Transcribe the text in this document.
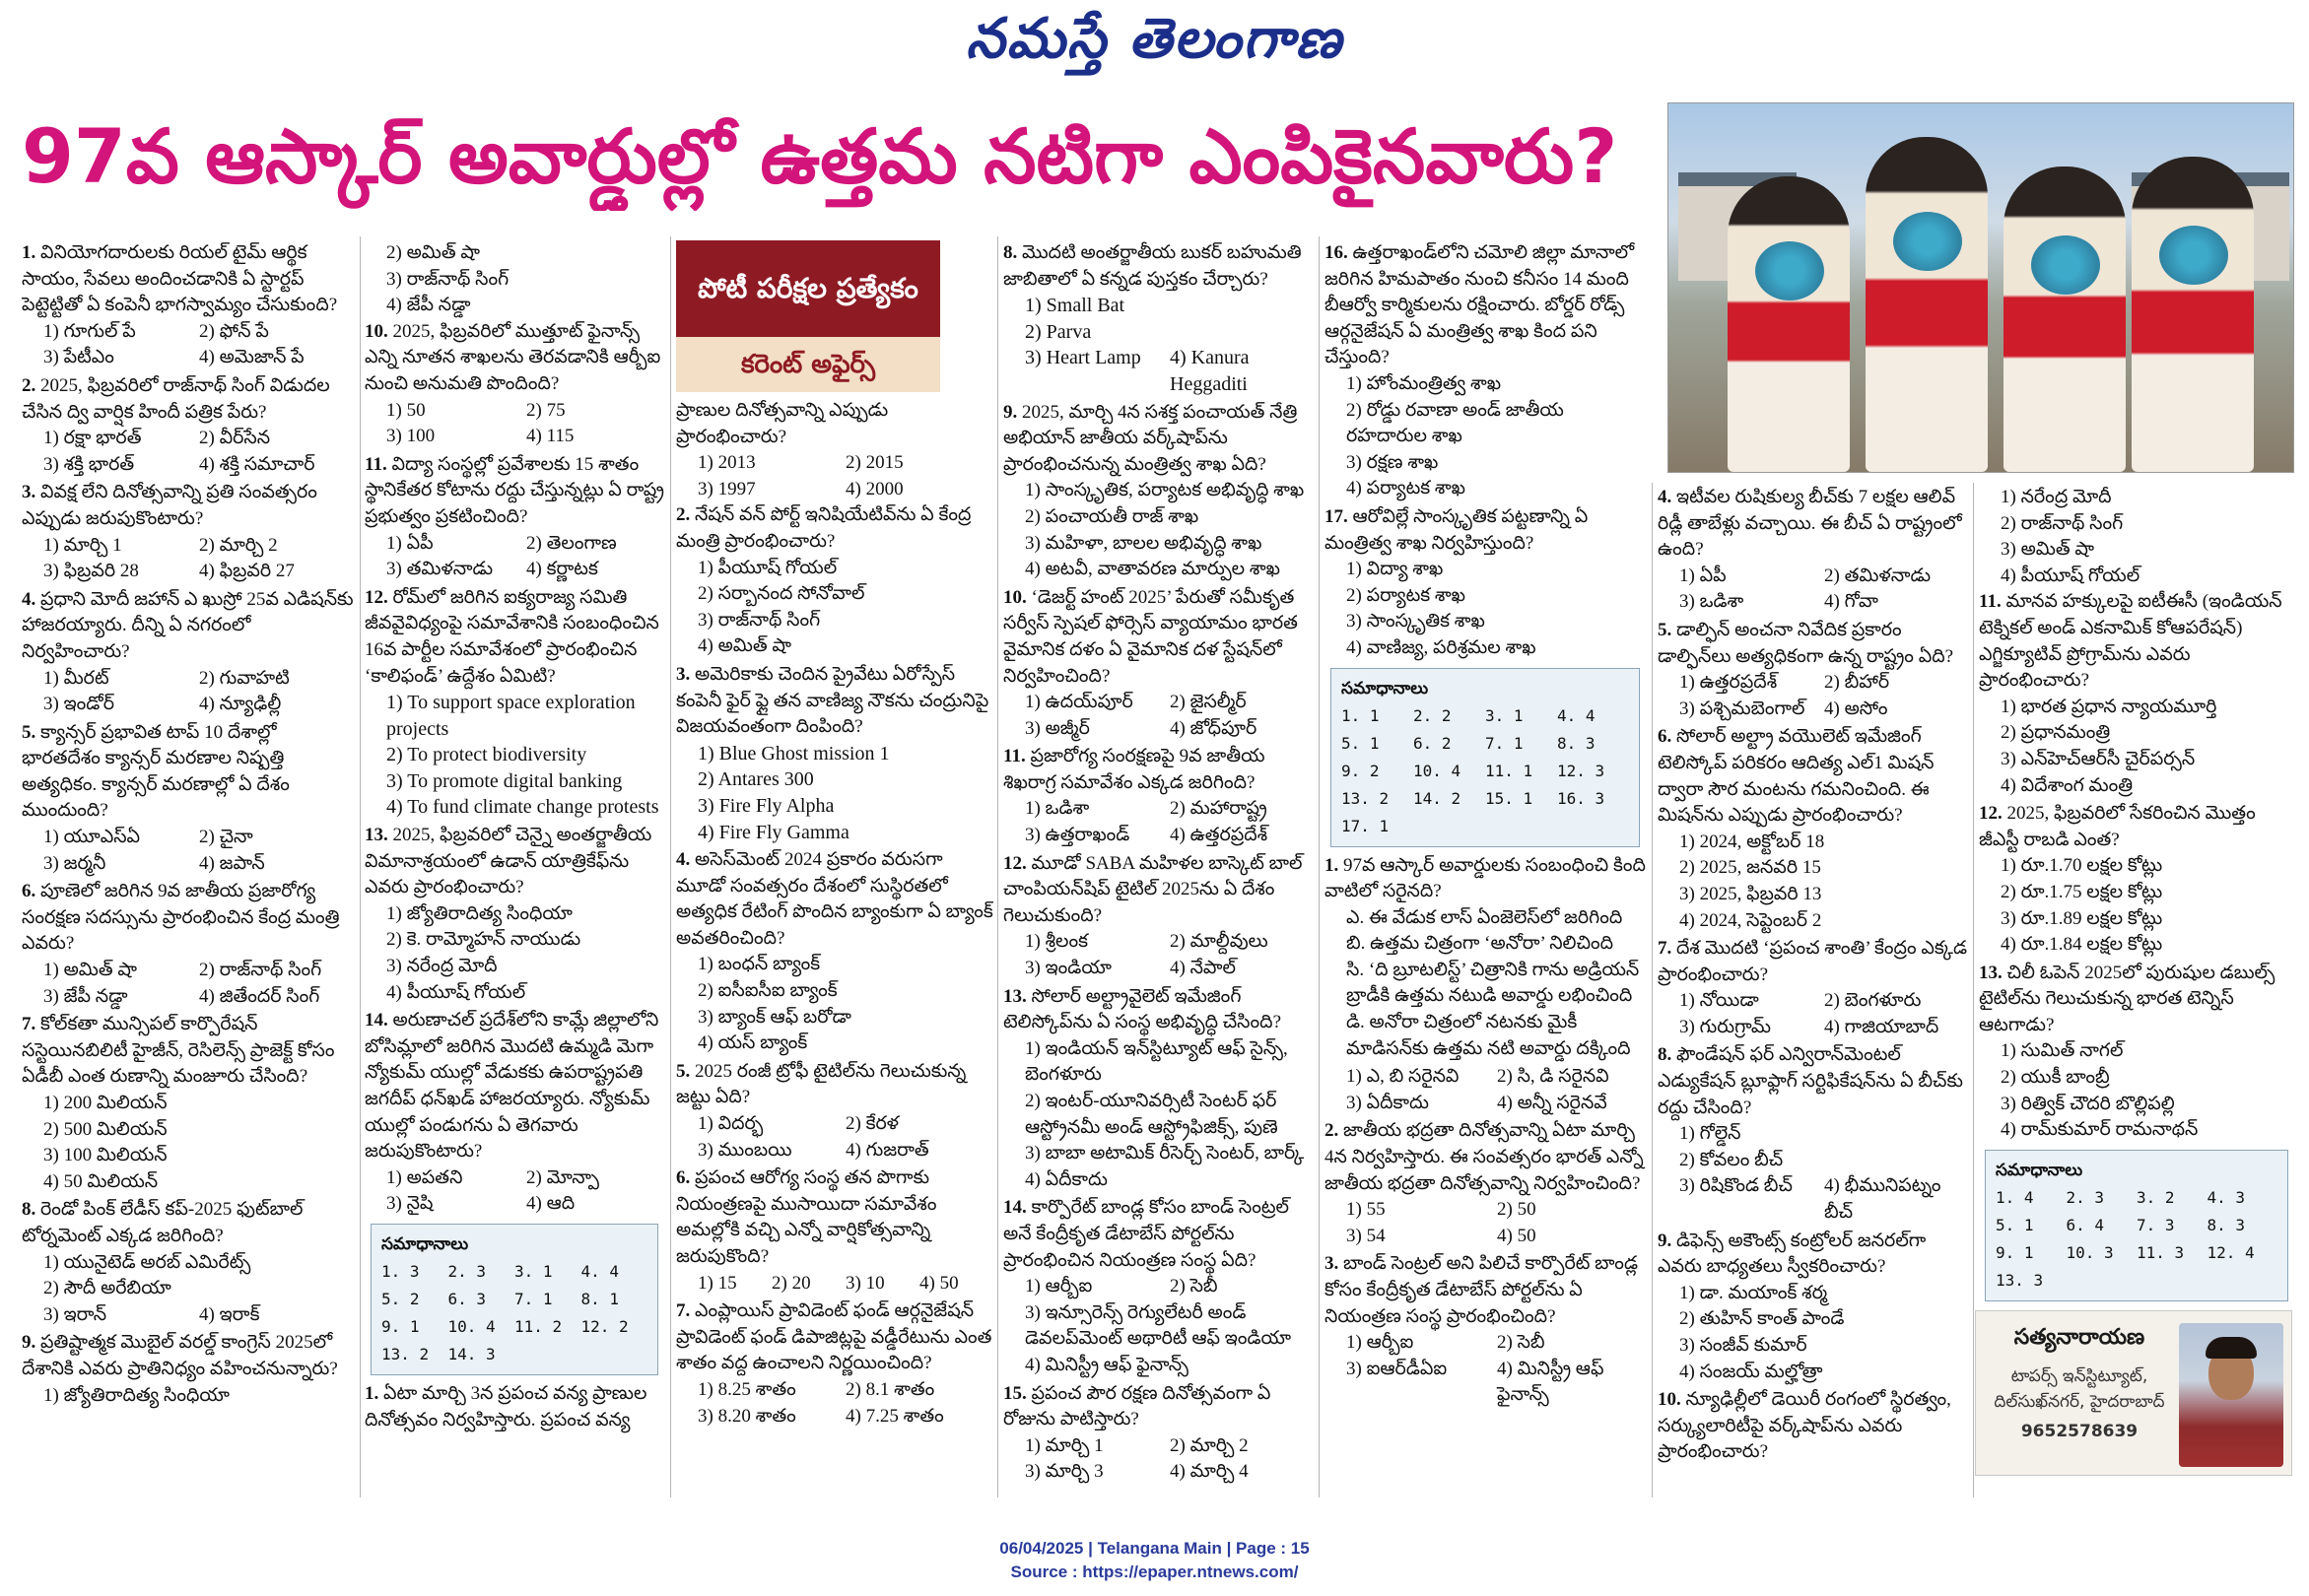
నమస్తే తెలంగాణ
97వ ఆస్కార్ అవార్డుల్లో ఉత్తమ నటిగా ఎంపికైనవారు?
పోటీ పరీక్షల ప్రత్యేకం
కరెంట్ అఫైర్స్
1. వినియోగదారులకు రియల్ టైమ్ ఆర్థిక సాయం, సేవలు అందించడానికి ఏ స్టార్టప్ పెట్టెట్టితో ఏ కంపెనీ భాగస్వామ్యం చేసుకుంది?
1) గూగుల్ పే	2) ఫోన్ పే
3) పేటీఎం	4) అమెజాన్ పే
2. 2025, ఫిబ్రవరిలో రాజ్‌నాథ్ సింగ్ విడుదల చేసిన ద్వి వార్షిక హిందీ పత్రిక పేరు?
1) రక్షా భారత్	2) వీర్‌సేన
3) శక్తి భారత్	4) శక్తి సమాచార్
3. వివక్ష లేని దినోత్సవాన్ని ప్రతి సంవత్సరం ఎప్పుడు జరుపుకొంటారు?
1) మార్చి 1	2) మార్చి 2
3) ఫిబ్రవరి 28	4) ఫిబ్రవరి 27
4. ప్రధాని మోదీ జహాన్ ఎ ఖుస్రో 25వ ఎడిషన్‌కు హాజరయ్యారు. దీన్ని ఏ నగరంలో నిర్వహించారు?
1) మీరట్	2) గువాహటి
3) ఇండోర్	4) న్యూఢిల్లీ
5. క్యాన్సర్ ప్రభావిత టాప్ 10 దేశాల్లో భారతదేశం క్యాన్సర్ మరణాల నిష్పత్తి అత్యధికం. క్యాన్సర్ మరణాల్లో ఏ దేశం ముందుంది?
1) యూఎస్ఏ	2) చైనా
3) జర్మనీ	4) జపాన్
6. పూణెలో జరిగిన 9వ జాతీయ ప్రజారోగ్య సంరక్షణ సదస్సును ప్రారంభించిన కేంద్ర మంత్రి ఎవరు?
1) అమిత్ షా	2) రాజ్‌నాథ్ సింగ్
3) జేపీ నడ్డా	4) జితేందర్ సింగ్
7. కోల్‌కతా మున్సిపల్ కార్పొరేషన్ సస్టెయినబిలిటీ హైజీన్, రెసిలెన్స్ ప్రాజెక్ట్ కోసం ఏడీబీ ఎంత రుణాన్ని మంజూరు చేసింది?
1) 200 మిలియన్
2) 500 మిలియన్
3) 100 మిలియన్
4) 50 మిలియన్
8. రెండో పింక్ లేడీస్ కప్-2025 ఫుట్‌బాల్ టోర్నమెంట్ ఎక్కడ జరిగింది?
1) యునైటెడ్ అరబ్ ఎమిరేట్స్
2) సౌదీ అరేబియా
3) ఇరాన్	4) ఇరాక్
9. ప్రతిష్టాత్మక మొబైల్ వరల్డ్ కాంగ్రెస్ 2025లో దేశానికి ఎవరు ప్రాతినిధ్యం వహించనున్నారు?
1) జ్యోతిరాదిత్య సింధియా
2) అమిత్ షా
3) రాజ్‌నాథ్ సింగ్
4) జేపీ నడ్డా
10. 2025, ఫిబ్రవరిలో ముత్తూట్ ఫైనాన్స్ ఎన్ని నూతన శాఖలను తెరవడానికి ఆర్బీఐ నుంచి అనుమతి పొందింది?
1) 50	2) 75
3) 100	4) 115
11. విద్యా సంస్థల్లో ప్రవేశాలకు 15 శాతం స్థానికేతర కోటాను రద్దు చేస్తున్నట్లు ఏ రాష్ట్ర ప్రభుత్వం ప్రకటించింది?
1) ఏపీ	2) తెలంగాణ
3) తమిళనాడు	4) కర్ణాటక
12. రోమ్‌లో జరిగిన ఐక్యరాజ్య సమితి జీవవైవిధ్యంపై సమావేశానికి సంబంధించిన 16వ పార్టీల సమావేశంలో ప్రారంభించిన ‘కాలిఫండ్’ ఉద్దేశం ఏమిటి?
1) To support space exploration projects
2) To protect biodiversity
3) To promote digital banking
4) To fund climate change protests
13. 2025, ఫిబ్రవరిలో చెన్నై అంతర్జాతీయ విమానాశ్రయంలో ఉడాన్ యాత్రికేఫ్‌ను ఎవరు ప్రారంభించారు?
1) జ్యోతిరాదిత్య సింధియా
2) కె. రామ్మోహన్ నాయుడు
3) నరేంద్ర మోదీ
4) పీయూష్ గోయల్
14. అరుణాచల్ ప్రదేశ్‌లోని కామ్లే జిల్లాలోని బోసిమ్లాలో జరిగిన మొదటి ఉమ్మడి మెగా న్యోకుమ్ యుల్లో వేడుకకు ఉపరాష్ట్రపతి జగదీప్ ధన్‌ఖడ్ హాజరయ్యారు. న్యోకుమ్ యుల్లో పండుగను ఏ తెగవారు జరుపుకొంటారు?
1) అపతని	2) మోన్పా
3) నైషి	4) ఆది
సమాధానాలు
1. 3	2. 3	3. 1	4. 4
5. 2	6. 3	7. 1	8. 1
9. 1	10. 4	11. 2	12. 2
13. 2	14. 3
1. ఏటా మార్చి 3న ప్రపంచ వన్య ప్రాణుల దినోత్సవం నిర్వహిస్తారు. ప్రపంచ వన్య
ప్రాణుల దినోత్సవాన్ని ఎప్పుడు ప్రారంభించారు?
1) 2013	2) 2015
3) 1997	4) 2000
2. నేషన్ వన్ పోర్ట్ ఇనిషియేటివ్‌ను ఏ కేంద్ర మంత్రి ప్రారంభించారు?
1) పీయూష్ గోయల్
2) సర్బానంద సోనోవాల్
3) రాజ్‌నాథ్ సింగ్
4) అమిత్ షా
3. అమెరికాకు చెందిన ప్రైవేటు ఏరోస్పేస్ కంపెనీ ఫైర్ ఫ్లై తన వాణిజ్య నౌకను చంద్రునిపై విజయవంతంగా దింపింది?
1) Blue Ghost mission 1
2) Antares 300
3) Fire Fly Alpha
4) Fire Fly Gamma
4. అసెస్‌మెంట్ 2024 ప్రకారం వరుసగా మూడో సంవత్సరం దేశంలో సుస్థిరతలో అత్యధిక రేటింగ్ పొందిన బ్యాంకుగా ఏ బ్యాంక్ అవతరించింది?
1) బంధన్ బ్యాంక్
2) ఐసీఐసీఐ బ్యాంక్
3) బ్యాంక్ ఆఫ్ బరోడా
4) యస్ బ్యాంక్
5. 2025 రంజీ ట్రోఫీ టైటిల్‌ను గెలుచుకున్న జట్టు ఏది?
1) విదర్భ	2) కేరళ
3) ముంబయి	4) గుజరాత్
6. ప్రపంచ ఆరోగ్య సంస్థ తన పొగాకు నియంత్రణపై ముసాయిదా సమావేశం అమల్లోకి వచ్చి ఎన్నో వార్షికోత్సవాన్ని జరుపుకొంది?
1) 15	2) 20	3) 10	4) 50
7. ఎంప్లాయిస్ ప్రావిడెంట్ ఫండ్ ఆర్గనైజేషన్ ప్రావిడెంట్ ఫండ్ డిపాజిట్లపై వడ్డీరేటును ఎంత శాతం వద్ద ఉంచాలని నిర్ణయించింది?
1) 8.25 శాతం	2) 8.1 శాతం
3) 8.20 శాతం	4) 7.25 శాతం
8. మొదటి అంతర్జాతీయ బుకర్ బహుమతి జాబితాలో ఏ కన్నడ పుస్తకం చేర్చారు?
1) Small Bat
2) Parva
3) Heart Lamp	4) Kanura Heggaditi
9. 2025, మార్చి 4న సశక్త పంచాయత్ నేత్రి అభియాన్ జాతీయ వర్క్‌షాప్‌ను ప్రారంభించనున్న మంత్రిత్వ శాఖ ఏది?
1) సాంస్కృతిక, పర్యాటక అభివృద్ధి శాఖ
2) పంచాయతీ రాజ్ శాఖ
3) మహిళా, బాలల అభివృద్ధి శాఖ
4) అటవీ, వాతావరణ మార్పుల శాఖ
10. ‘డెజర్ట్ హంట్ 2025’ పేరుతో సమీకృత సర్వీస్ స్పెషల్ ఫోర్సెస్ వ్యాయామం భారత వైమానిక దళం ఏ వైమానిక దళ స్టేషన్‌లో నిర్వహించింది?
1) ఉదయ్‌పూర్	2) జైసల్మీర్
3) అజ్మీర్	4) జోధ్‌పూర్
11. ప్రజారోగ్య సంరక్షణపై 9వ జాతీయ శిఖరాగ్ర సమావేశం ఎక్కడ జరిగింది?
1) ఒడిశా	2) మహారాష్ట్ర
3) ఉత్తరాఖండ్	4) ఉత్తరప్రదేశ్
12. మూడో SABA మహిళల బాస్కెట్ బాల్ చాంపియన్‌షిప్ టైటిల్ 2025ను ఏ దేశం గెలుచుకుంది?
1) శ్రీలంక	2) మాల్దీవులు
3) ఇండియా	4) నేపాల్
13. సోలార్ అల్ట్రావైలెట్ ఇమేజింగ్ టెలిస్కోప్‌ను ఏ సంస్థ అభివృద్ధి చేసింది?
1) ఇండియన్ ఇన్‌స్టిట్యూట్ ఆఫ్ సైన్స్, బెంగళూరు
2) ఇంటర్-యూనివర్సిటీ సెంటర్ ఫర్ ఆస్ట్రోనమీ అండ్ ఆస్ట్రోఫిజిక్స్, పుణె
3) బాబా అటామిక్ రీసెర్చ్ సెంటర్, బార్క్
4) ఏదీకాదు
14. కార్పొరేట్ బాండ్ల కోసం బాండ్ సెంట్రల్ అనే కేంద్రీకృత డేటాబేస్ పోర్టల్‌ను ప్రారంభించిన నియంత్రణ సంస్థ ఏది?
1) ఆర్బీఐ	2) సెబీ
3) ఇన్సూరెన్స్ రెగ్యులేటరీ అండ్ డెవలప్‌మెంట్ అథారిటీ ఆఫ్ ఇండియా
4) మినిస్ట్రీ ఆఫ్ ఫైనాన్స్
15. ప్రపంచ పౌర రక్షణ దినోత్సవంగా ఏ రోజును పాటిస్తారు?
1) మార్చి 1	2) మార్చి 2
3) మార్చి 3	4) మార్చి 4
16. ఉత్తరాఖండ్‌లోని చమోలి జిల్లా మానాలో జరిగిన హిమపాతం నుంచి కనీసం 14 మంది బీఆర్వో కార్మికులను రక్షించారు. బోర్డర్ రోడ్స్ ఆర్గనైజేషన్ ఏ మంత్రిత్వ శాఖ కింద పని చేస్తుంది?
1) హోంమంత్రిత్వ శాఖ
2) రోడ్డు రవాణా అండ్ జాతీయ రహదారుల శాఖ
3) రక్షణ శాఖ
4) పర్యాటక శాఖ
17. ఆరోవిల్లే సాంస్కృతిక పట్టణాన్ని ఏ మంత్రిత్వ శాఖ నిర్వహిస్తుంది?
1) విద్యా శాఖ
2) పర్యాటక శాఖ
3) సాంస్కృతిక శాఖ
4) వాణిజ్య, పరిశ్రమల శాఖ
సమాధానాలు
1. 1	2. 2	3. 1	4. 4
5. 1	6. 2	7. 1	8. 3
9. 2	10. 4	11. 1	12. 3
13. 2	14. 2	15. 1	16. 3
17. 1
1. 97వ ఆస్కార్ అవార్డులకు సంబంధించి కింది వాటిలో సరైనది?
ఎ. ఈ వేడుక లాస్ ఏంజెలెస్‌లో జరిగింది
బి. ఉత్తమ చిత్రంగా ‘అనోరా’ నిలిచింది
సి. ‘ది బ్రూటలిస్ట్’ చిత్రానికి గాను అడ్రియన్ బ్రాడీకి ఉత్తమ నటుడి అవార్డు లభించింది
డి. అనోరా చిత్రంలో నటనకు మైకీ మాడిసన్‌కు ఉత్తమ నటి అవార్డు దక్కింది
1) ఎ, బి సరైనవి	2) సి, డి సరైనవి
3) ఏదీకాదు	4) అన్నీ సరైనవే
2. జాతీయ భద్రతా దినోత్సవాన్ని ఏటా మార్చి 4న నిర్వహిస్తారు. ఈ సంవత్సరం భారత్ ఎన్నో జాతీయ భద్రతా దినోత్సవాన్ని నిర్వహించింది?
1) 55	2) 50
3) 54	4) 50
3. బాండ్ సెంట్రల్ అని పిలిచే కార్పొరేట్ బాండ్ల కోసం కేంద్రీకృత డేటాబేస్ పోర్టల్‌ను ఏ నియంత్రణ సంస్థ ప్రారంభించింది?
1) ఆర్బీఐ	2) సెబీ
3) ఐఆర్‌డీఏఐ	4) మినిస్ట్రీ ఆఫ్ ఫైనాన్స్
4. ఇటీవల రుషికుల్య బీచ్‌కు 7 లక్షల ఆలివ్ రిడ్లీ తాబేళ్లు వచ్చాయి. ఈ బీచ్ ఏ రాష్ట్రంలో ఉంది?
1) ఏపీ	2) తమిళనాడు
3) ఒడిశా	4) గోవా
5. డాల్ఫిన్ అంచనా నివేదిక ప్రకారం డాల్ఫిన్‌లు అత్యధికంగా ఉన్న రాష్ట్రం ఏది?
1) ఉత్తరప్రదేశ్	2) బీహార్
3) పశ్చిమబెంగాల్	4) అసోం
6. సోలార్ అల్ట్రా వయొలెట్ ఇమేజింగ్ టెలిస్కోప్ పరికరం ఆదిత్య ఎల్1 మిషన్ ద్వారా సౌర మంటను గమనించింది. ఈ మిషన్‌ను ఎప్పుడు ప్రారంభించారు?
1) 2024, అక్టోబర్ 18
2) 2025, జనవరి 15
3) 2025, ఫిబ్రవరి 13
4) 2024, సెప్టెంబర్ 2
7. దేశ మొదటి ‘ప్రపంచ శాంతి’ కేంద్రం ఎక్కడ ప్రారంభించారు?
1) నోయిడా	2) బెంగళూరు
3) గురుగ్రామ్	4) గాజియాబాద్
8. ఫౌండేషన్ ఫర్ ఎన్విరాన్‌మెంటల్ ఎడ్యుకేషన్ బ్లూఫ్లాగ్ సర్టిఫికేషన్‌ను ఏ బీచ్‌కు రద్దు చేసింది?
1) గోల్డెన్
2) కోవలం బీచ్
3) రిషికొండ బీచ్	4) భీమునిపట్నం బీచ్
9. డిఫెన్స్ అకౌంట్స్ కంట్రోలర్ జనరల్‌గా ఎవరు బాధ్యతలు స్వీకరించారు?
1) డా. మయాంక్ శర్మ
2) తుహిన్ కాంత్ పాండే
3) సంజీవ్ కుమార్
4) సంజయ్ మల్హోత్రా
10. న్యూఢిల్లీలో డెయిరీ రంగంలో స్థిరత్వం, సర్క్యులారిటీపై వర్క్‌షాప్‌ను ఎవరు ప్రారంభించారు?
1) నరేంద్ర మోదీ
2) రాజ్‌నాథ్ సింగ్
3) అమిత్ షా
4) పీయూష్ గోయల్
11. మానవ హక్కులపై ఐటీఈసీ (ఇండియన్ టెక్నికల్ అండ్ ఎకనామిక్ కోఆపరేషన్) ఎగ్జిక్యూటివ్ ప్రోగ్రామ్‌ను ఎవరు ప్రారంభించారు?
1) భారత ప్రధాన న్యాయమూర్తి
2) ప్రధానమంత్రి
3) ఎన్‌హెచ్ఆర్‌సీ చైర్‌పర్సన్
4) విదేశాంగ మంత్రి
12. 2025, ఫిబ్రవరిలో సేకరించిన మొత్తం జీఎస్టీ రాబడి ఎంత?
1) రూ.1.70 లక్షల కోట్లు
2) రూ.1.75 లక్షల కోట్లు
3) రూ.1.89 లక్షల కోట్లు
4) రూ.1.84 లక్షల కోట్లు
13. చిలీ ఓపెన్ 2025లో పురుషుల డబుల్స్ టైటిల్‌ను గెలుచుకున్న భారత టెన్నిస్ ఆటగాడు?
1) సుమిత్ నాగల్
2) యుకీ బాంబ్రీ
3) రిత్విక్ చౌదరి బొల్లిపల్లి
4) రామ్‌కుమార్ రామనాథన్
సమాధానాలు
1. 4	2. 3	3. 2	4. 3
5. 1	6. 4	7. 3	8. 3
9. 1	10. 3	11. 3	12. 4
13. 3
సత్యనారాయణ
టాపర్స్ ఇన్‌స్టిట్యూట్,
దిల్‌సుఖ్‌నగర్, హైదరాబాద్
9652578639
06/04/2025 | Telangana Main | Page : 15
Source : https://epaper.ntnews.com/
